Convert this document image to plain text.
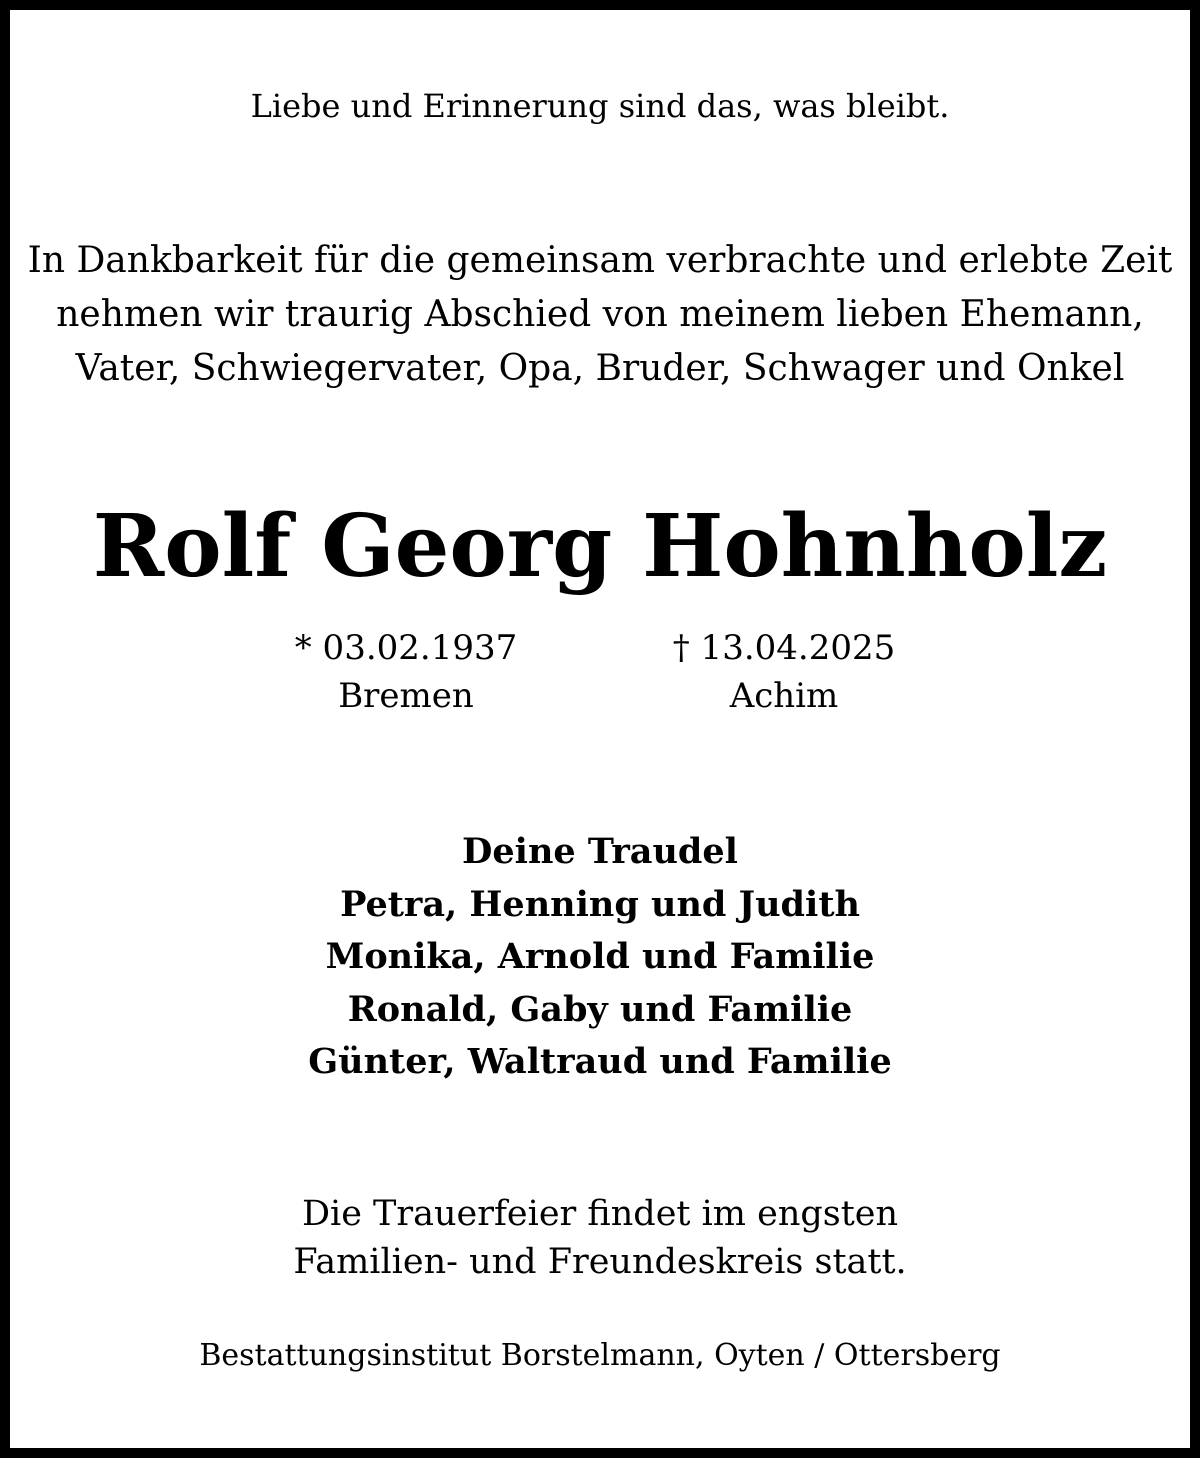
Liebe und Erinnerung sind das, was bleibt.
In Dankbarkeit für die gemeinsam verbrachte und erlebte Zeit
nehmen wir traurig Abschied von meinem lieben Ehemann,
Vater, Schwiegervater, Opa, Bruder, Schwager und Onkel
Rolf Georg Hohnholz
* 03.02.1937
Bremen
† 13.04.2025
Achim
Deine Traudel
Petra, Henning und Judith
Monika, Arnold und Familie
Ronald, Gaby und Familie
Günter, Waltraud und Familie
Die Trauerfeier findet im engsten
Familien- und Freundeskreis statt.
Bestattungsinstitut Borstelmann, Oyten / Ottersberg
